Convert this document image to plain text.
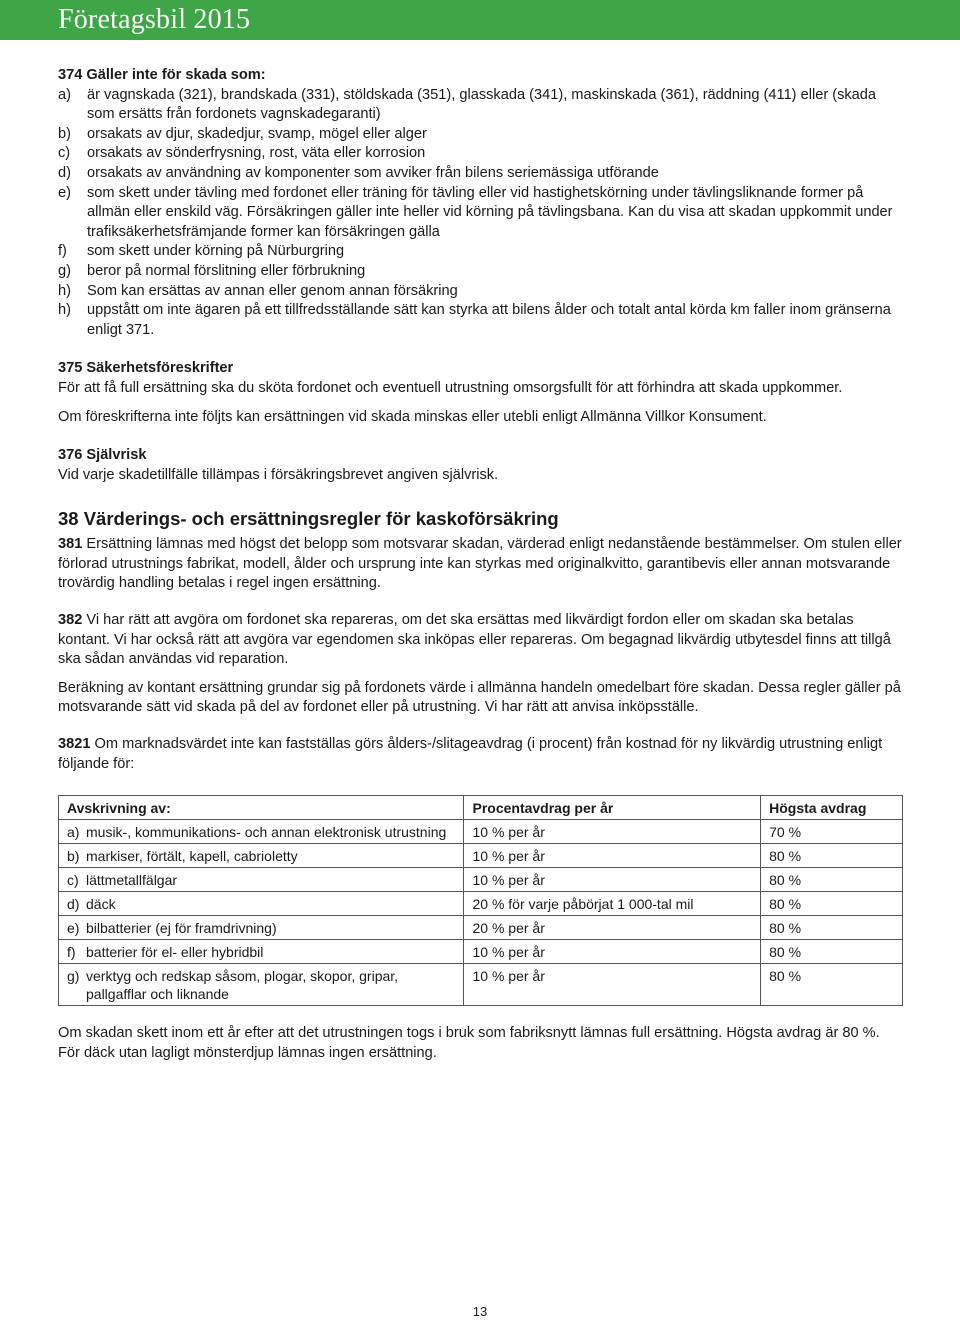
Företagsbil 2015

374 Gäller inte för skada som:

a)	är vagnskada (321), brandskada (331), stöldskada (351), glasskada (341), maskinskada (361), räddning (411) eller (skada som ersätts från fordonets vagnskadegaranti)
b)	orsakats av djur, skadedjur, svamp, mögel eller alger
c)	orsakats av sönderfrysning, rost, väta eller korrosion
d)	orsakats av användning av komponenter som avviker från bilens seriemässiga utförande
e)	som skett under tävling med fordonet eller träning för tävling eller vid hastighetskörning under tävlingsliknande former på allmän eller enskild väg. Försäkringen gäller inte heller vid körning på tävlingsbana. Kan du visa att skadan uppkommit under trafiksäkerhetsfrämjande former kan försäkringen gälla
f)	som skett under körning på Nürburgring
g)	beror på normal förslitning eller förbrukning
h)	Som kan ersättas av annan eller genom annan försäkring
h)	uppstått om inte ägaren på ett tillfredsställande sätt kan styrka att bilens ålder och totalt antal körda km faller inom gränserna enligt 371.

375 Säkerhetsföreskrifter

För att få full ersättning ska du sköta fordonet och eventuell utrustning omsorgsfullt för att förhindra att skada uppkommer.

Om föreskrifterna inte följts kan ersättningen vid skada minskas eller utebli enligt Allmänna Villkor Konsument.

376 Självrisk

Vid varje skadetillfälle tillämpas i försäkringsbrevet angiven självrisk.

38 Värderings- och ersättningsregler för kaskoförsäkring

381 Ersättning lämnas med högst det belopp som motsvarar skadan, värderad enligt nedanstående bestämmelser. Om stulen eller förlorad utrustnings fabrikat, modell, ålder och ursprung inte kan styrkas med originalkvitto, garantibevis eller annan motsvarande trovärdig handling betalas i regel ingen ersättning.

382 Vi har rätt att avgöra om fordonet ska repareras, om det ska ersättas med likvärdigt fordon eller om skadan ska betalas kontant. Vi har också rätt att avgöra var egendomen ska inköpas eller repareras. Om begagnad likvärdig utbytesdel finns att tillgå ska sådan användas vid reparation.

Beräkning av kontant ersättning grundar sig på fordonets värde i allmänna handeln omedelbart före skadan. Dessa regler gäller på motsvarande sätt vid skada på del av fordonet eller på utrustning. Vi har rätt att anvisa inköpsställe.

3821 Om marknadsvärdet inte kan fastställas görs ålders-/slitageavdrag (i procent) från kostnad för ny likvärdig utrustning enligt följande för:

Avskrivning av:	Procentavdrag per år	Högsta avdrag

a) musik-, kommunikations- och annan elektronisk utrustning	10 % per år	70 %

b) markiser, förtält, kapell, cabrioletty	10 % per år	80 %

c) lättmetallfälgar	10 % per år	80 %

d) däck	20 % för varje påbörjat 1 000-tal mil	80 %

e) bilbatterier (ej för framdrivning)	20 % per år	80 %

f) batterier för el- eller hybridbil	10 % per år	80 %

g) verktyg och redskap såsom, plogar, skopor, gripar, pallgafflar och liknande	10 % per år	80 %

Om skadan skett inom ett år efter att det utrustningen togs i bruk som fabriksnytt lämnas full ersättning. Högsta avdrag är 80 %. För däck utan lagligt mönsterdjup lämnas ingen ersättning.

13
